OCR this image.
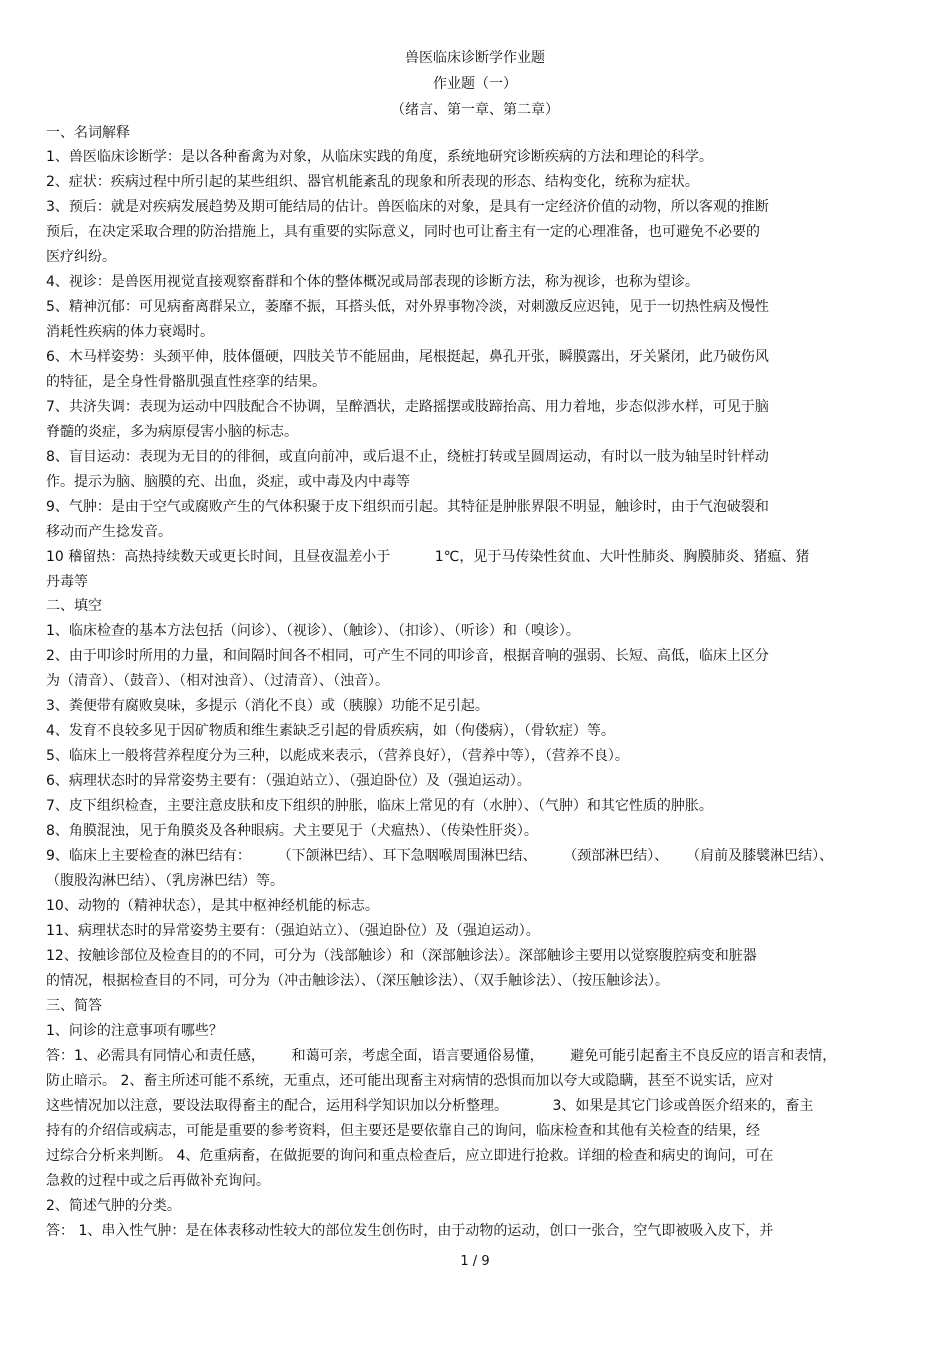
兽医临床诊断学作业题
作业题（一）
（绪言、第一章、第二章）
一、名词解释
1、兽医临床诊断学：是以各种畜禽为对象，从临床实践的角度，系统地研究诊断疾病的方法和理论的科学。
2、症状：疾病过程中所引起的某些组织、器官机能紊乱的现象和所表现的形态、结构变化，统称为症状。
3、预后：就是对疾病发展趋势及期可能结局的估计。兽医临床的对象，是具有一定经济价值的动物，所以客观的推断
预后，在决定采取合理的防治措施上，具有重要的实际意义，同时也可让畜主有一定的心理准备，也可避免不必要的
医疗纠纷。
4、视诊：是兽医用视觉直接观察畜群和个体的整体概况或局部表现的诊断方法，称为视诊，也称为望诊。
5、精神沉郁：可见病畜离群呆立，萎靡不振，耳搭头低，对外界事物冷淡，对刺激反应迟钝，见于一切热性病及慢性
消耗性疾病的体力衰竭时。
6、木马样姿势：头颈平伸，肢体僵硬，四肢关节不能屈曲，尾根挺起，鼻孔开张，瞬膜露出，牙关紧闭，此乃破伤风
的特征，是全身性骨骼肌强直性痉挛的结果。
7、共济失调：表现为运动中四肢配合不协调，呈醉酒状，走路摇摆或肢蹄抬高、用力着地，步态似涉水样，可见于脑
脊髓的炎症，多为病原侵害小脑的标志。
8、盲目运动：表现为无目的的徘徊，或直向前冲，或后退不止，绕桩打转或呈圆周运动，有时以一肢为轴呈时针样动
作。提示为脑、脑膜的充、出血，炎症，或中毒及内中毒等
9、气肿：是由于空气或腐败产生的气体积聚于皮下组织而引起。其特征是肿胀界限不明显，触诊时，由于气泡破裂和
移动而产生捻发音。
10 稽留热：高热持续数天或更长时间，且昼夜温差小于          1℃，见于马传染性贫血、大叶性肺炎、胸膜肺炎、猪瘟、猪
丹毒等
二、填空
1、临床检查的基本方法包括（问诊）、（视诊）、（触诊）、（扣诊）、（听诊）和（嗅诊）。
2、由于叩诊时所用的力量，和间隔时间各不相同，可产生不同的叩诊音，根据音响的强弱、长短、高低，临床上区分
为（清音）、（鼓音）、（相对浊音）、（过清音）、（浊音）。
3、粪便带有腐败臭味，多提示（消化不良）或（胰腺）功能不足引起。
4、发育不良较多见于因矿物质和维生素缺乏引起的骨质疾病，如（佝偻病），（骨软症）等。
5、临床上一般将营养程度分为三种，以彪成来表示，（营养良好），（营养中等），（营养不良）。
6、病理状态时的异常姿势主要有：（强迫站立）、（强迫卧位）及（强迫运动）。
7、皮下组织检查，主要注意皮肤和皮下组织的肿胀，临床上常见的有（水肿）、（气肿）和其它性质的肿胀。
8、角膜混浊，见于角膜炎及各种眼病。犬主要见于（犬瘟热）、（传染性肝炎）。
9、临床上主要检查的淋巴结有：      （下颌淋巴结）、耳下急咽喉周围淋巴结、      （颈部淋巴结）、    （肩前及膝襞淋巴结）、
（腹股沟淋巴结）、（乳房淋巴结）等。
10、动物的（精神状态），是其中枢神经机能的标志。
11、病理状态时的异常姿势主要有：（强迫站立）、（强迫卧位）及（强迫运动）。
12、按触诊部位及检查目的的不同，可分为（浅部触诊）和（深部触诊法）。深部触诊主要用以觉察腹腔病变和脏器
的情况，根据检查目的不同，可分为（冲击触诊法）、（深压触诊法）、（双手触诊法）、（按压触诊法）。
三、简答
1、问诊的注意事项有哪些？
答：1、必需具有同情心和责任感，      和蔼可亲，考虑全面，语言要通俗易懂，      避免可能引起畜主不良反应的语言和表情，
防止暗示。 2、畜主所述可能不系统，无重点，还可能出现畜主对病情的恐惧而加以夸大或隐瞒，甚至不说实话，应对
这些情况加以注意，要设法取得畜主的配合，运用科学知识加以分析整理。          3、如果是其它门诊或兽医介绍来的，畜主
持有的介绍信或病志，可能是重要的参考资料，但主要还是要依靠自己的询问，临床检查和其他有关检查的结果，经
过综合分析来判断。 4、危重病畜，在做扼要的询问和重点检查后，应立即进行抢救。详细的检查和病史的询问，可在
急救的过程中或之后再做补充询问。
2、简述气肿的分类。
答： 1、串入性气肿：是在体表移动性较大的部位发生创伤时，由于动物的运动，创口一张合，空气即被吸入皮下，并
1 / 9
